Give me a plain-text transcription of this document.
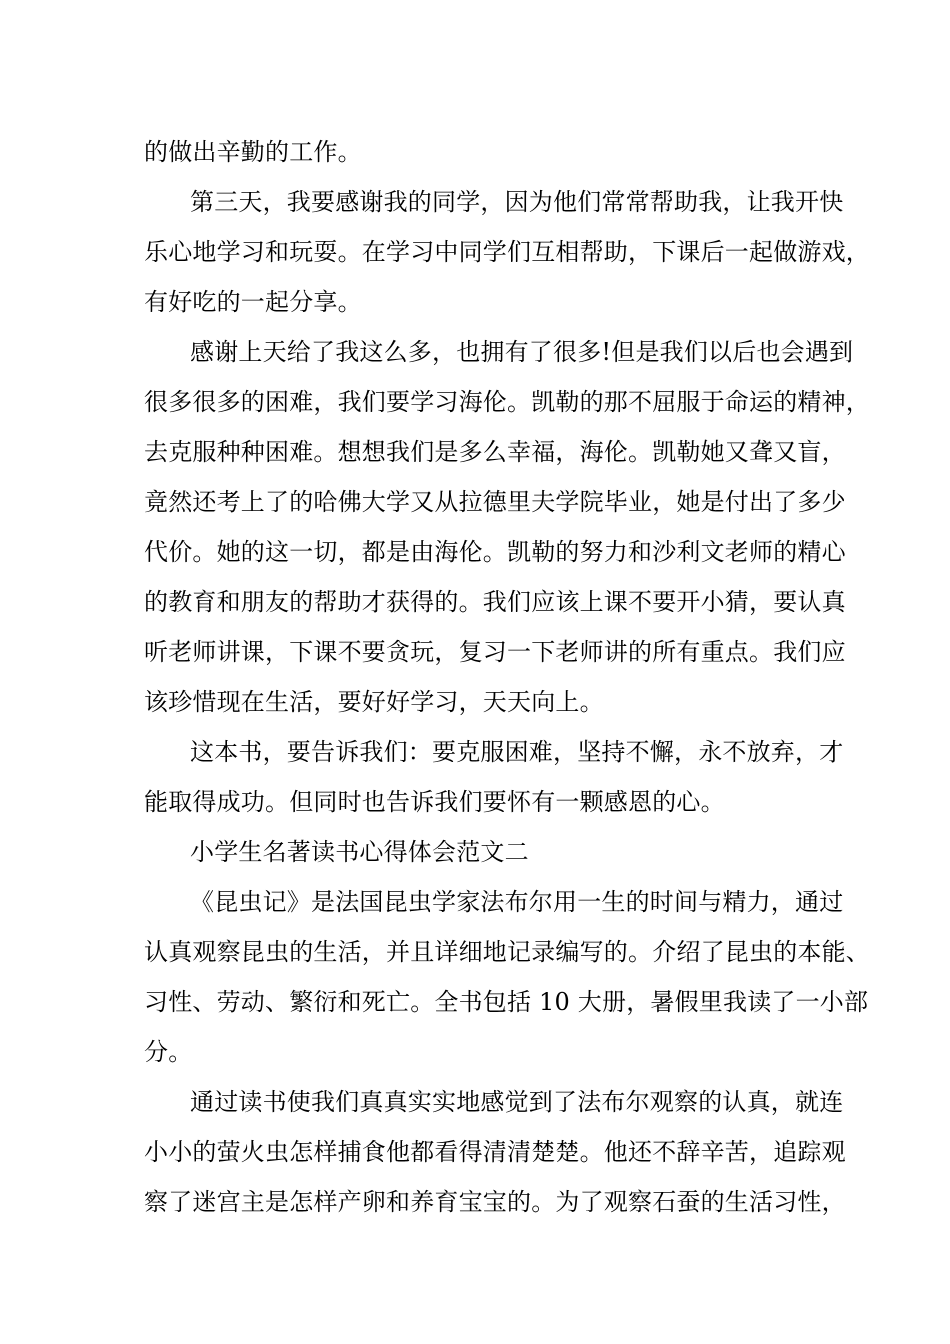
的做出辛勤的工作。
第三天，我要感谢我的同学，因为他们常常帮助我，让我开快
乐心地学习和玩耍。在学习中同学们互相帮助，下课后一起做游戏，
有好吃的一起分享。
感谢上天给了我这么多，也拥有了很多!但是我们以后也会遇到
很多很多的困难，我们要学习海伦。凯勒的那不屈服于命运的精神，
去克服种种困难。想想我们是多么幸福，海伦。凯勒她又聋又盲，
竟然还考上了的哈佛大学又从拉德里夫学院毕业，她是付出了多少
代价。她的这一切，都是由海伦。凯勒的努力和沙利文老师的精心
的教育和朋友的帮助才获得的。我们应该上课不要开小猜，要认真
听老师讲课，下课不要贪玩，复习一下老师讲的所有重点。我们应
该珍惜现在生活，要好好学习，天天向上。
这本书，要告诉我们：要克服困难，坚持不懈，永不放弃，才
能取得成功。但同时也告诉我们要怀有一颗感恩的心。
小学生名著读书心得体会范文二
《昆虫记》是法国昆虫学家法布尔用一生的时间与精力，通过
认真观察昆虫的生活，并且详细地记录编写的。介绍了昆虫的本能、
习性、劳动、繁衍和死亡。全书包括 10 大册，暑假里我读了一小部
分。
通过读书使我们真真实实地感觉到了法布尔观察的认真，就连
小小的萤火虫怎样捕食他都看得清清楚楚。他还不辞辛苦，追踪观
察了迷宫主是怎样产卵和养育宝宝的。为了观察石蚕的生活习性，
